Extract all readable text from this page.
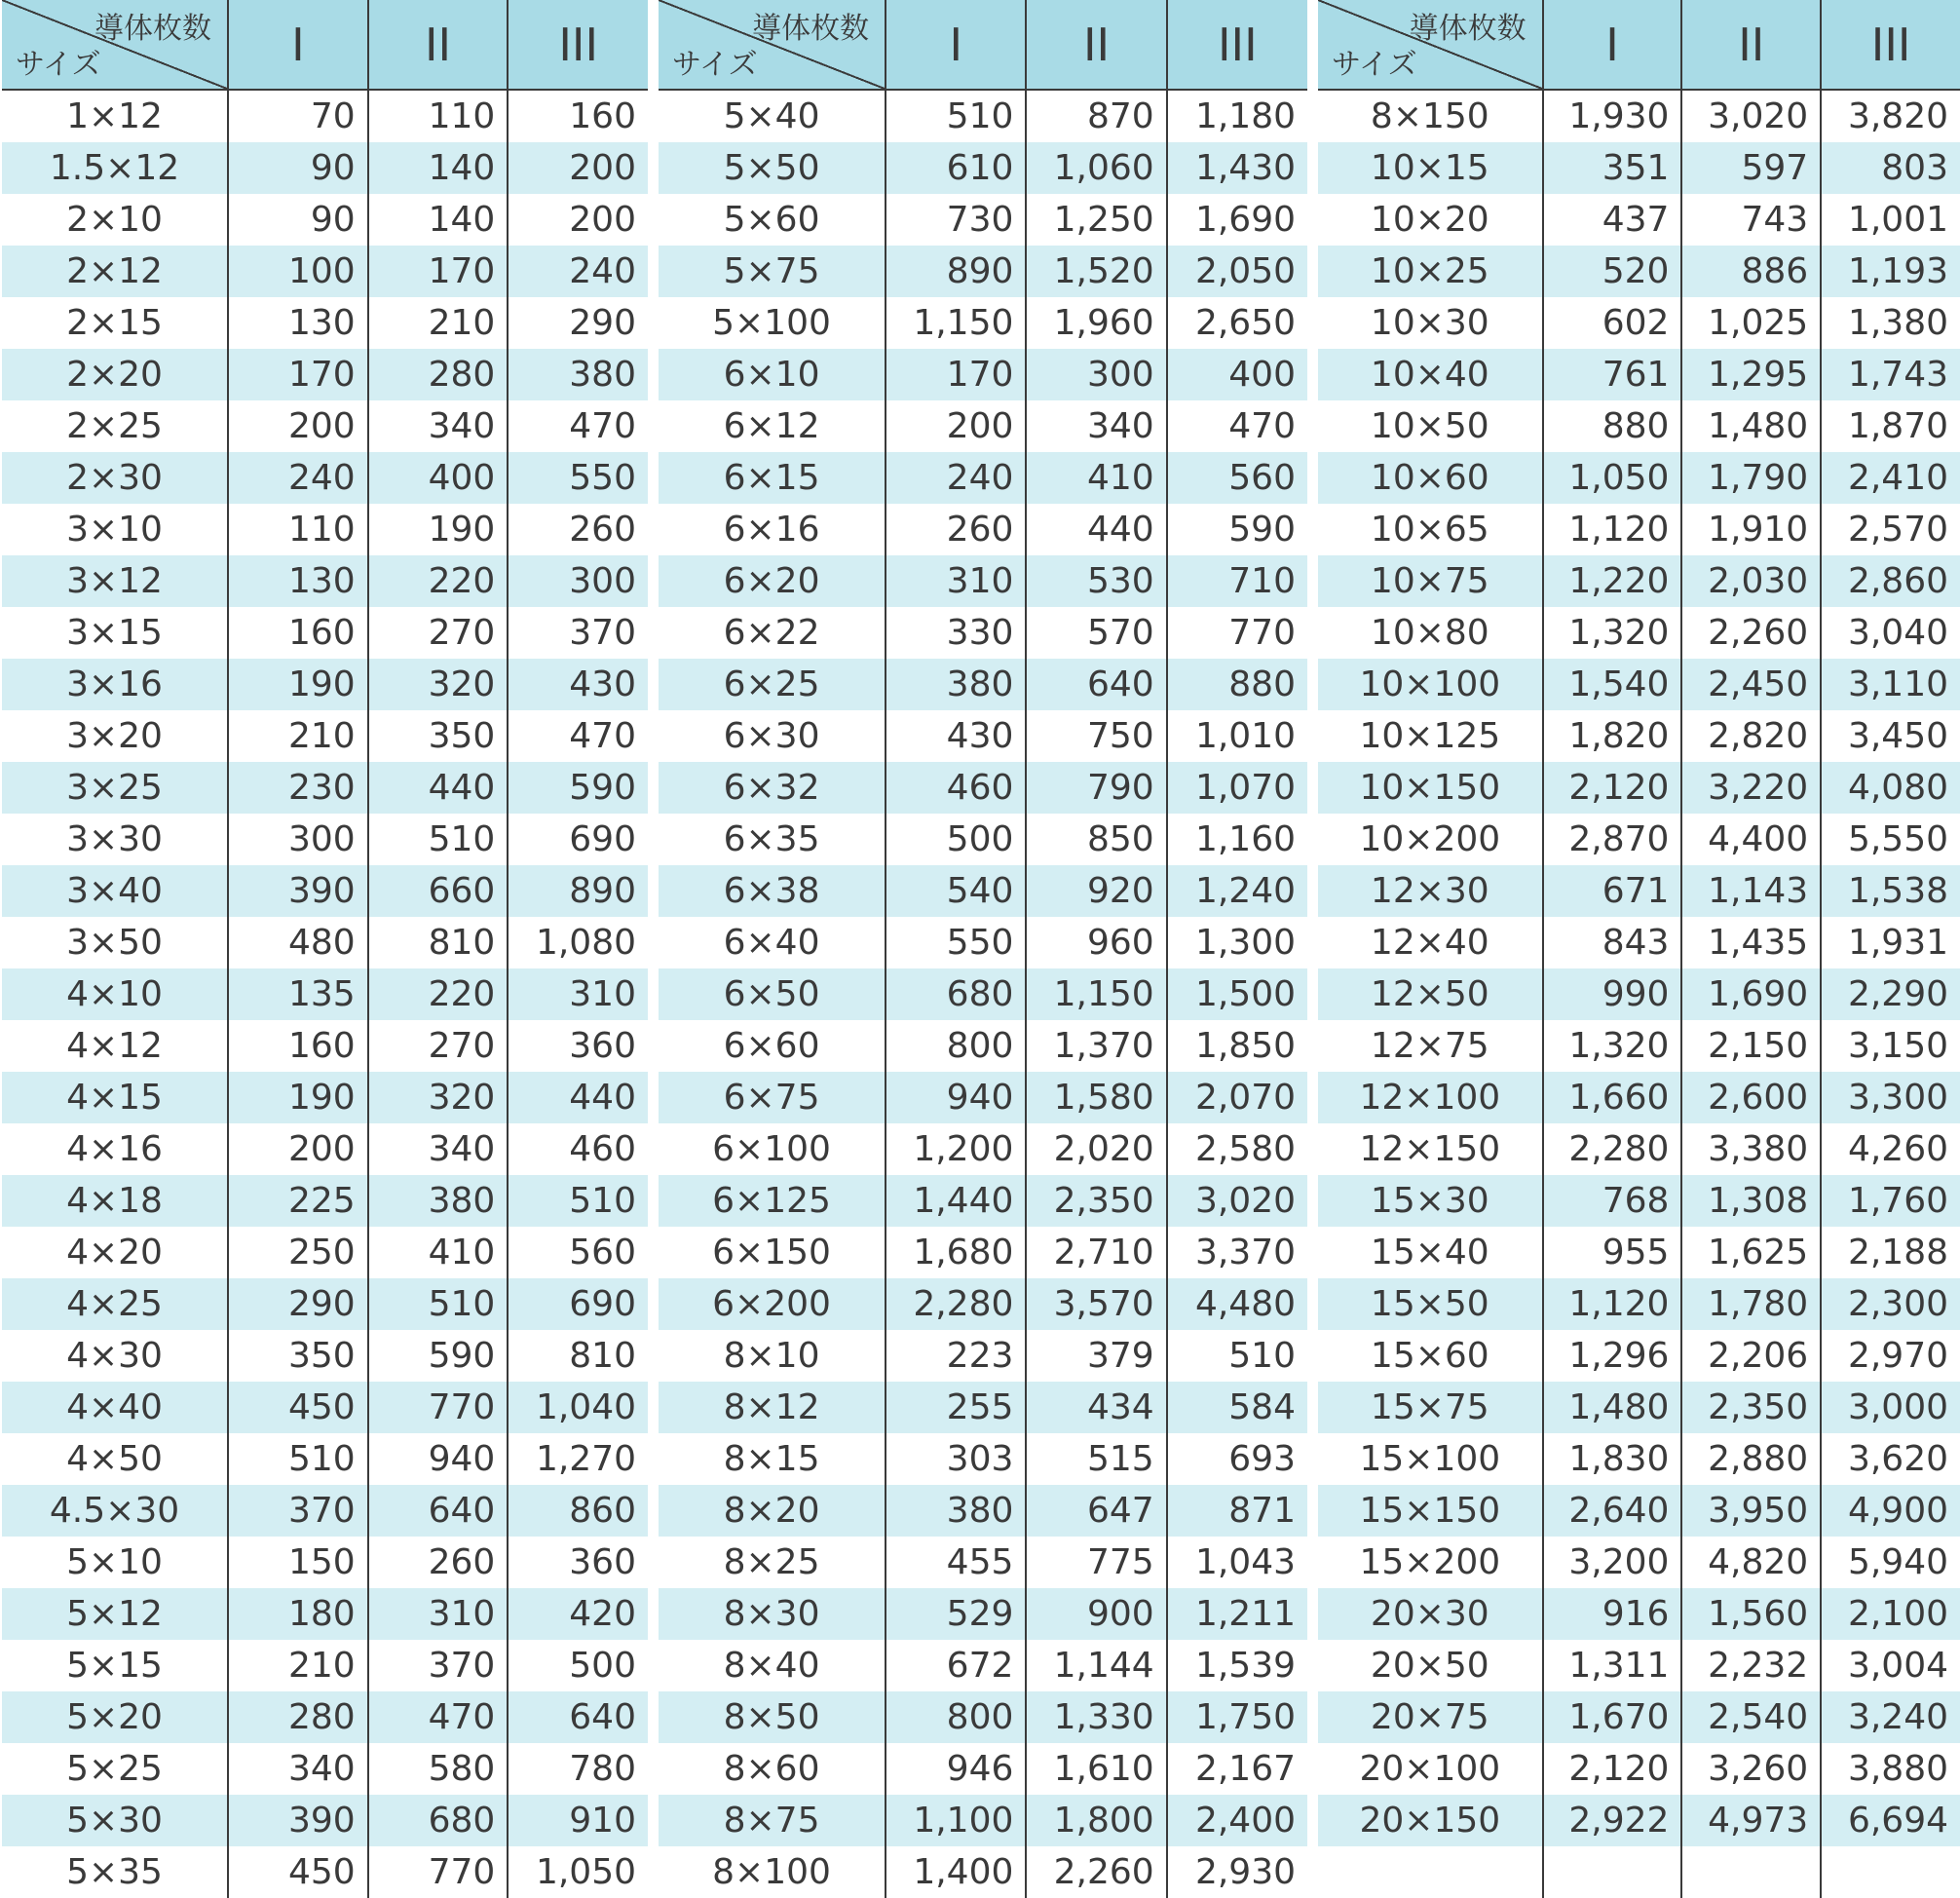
導体枚数
サイズ	I	II	III
1×12	70	110	160
1.5×12	90	140	200
2×10	90	140	200
2×12	100	170	240
2×15	130	210	290
2×20	170	280	380
2×25	200	340	470
2×30	240	400	550
3×10	110	190	260
3×12	130	220	300
3×15	160	270	370
3×16	190	320	430
3×20	210	350	470
3×25	230	440	590
3×30	300	510	690
3×40	390	660	890
3×50	480	810	1,080
4×10	135	220	310
4×12	160	270	360
4×15	190	320	440
4×16	200	340	460
4×18	225	380	510
4×20	250	410	560
4×25	290	510	690
4×30	350	590	810
4×40	450	770	1,040
4×50	510	940	1,270
4.5×30	370	640	860
5×10	150	260	360
5×12	180	310	420
5×15	210	370	500
5×20	280	470	640
5×25	340	580	780
5×30	390	680	910
5×35	450	770	1,050
導体枚数
サイズ	I	II	III
5×40	510	870	1,180
5×50	610	1,060	1,430
5×60	730	1,250	1,690
5×75	890	1,520	2,050
5×100	1,150	1,960	2,650
6×10	170	300	400
6×12	200	340	470
6×15	240	410	560
6×16	260	440	590
6×20	310	530	710
6×22	330	570	770
6×25	380	640	880
6×30	430	750	1,010
6×32	460	790	1,070
6×35	500	850	1,160
6×38	540	920	1,240
6×40	550	960	1,300
6×50	680	1,150	1,500
6×60	800	1,370	1,850
6×75	940	1,580	2,070
6×100	1,200	2,020	2,580
6×125	1,440	2,350	3,020
6×150	1,680	2,710	3,370
6×200	2,280	3,570	4,480
8×10	223	379	510
8×12	255	434	584
8×15	303	515	693
8×20	380	647	871
8×25	455	775	1,043
8×30	529	900	1,211
8×40	672	1,144	1,539
8×50	800	1,330	1,750
8×60	946	1,610	2,167
8×75	1,100	1,800	2,400
8×100	1,400	2,260	2,930
導体枚数
サイズ	I	II	III
8×150	1,930	3,020	3,820
10×15	351	597	803
10×20	437	743	1,001
10×25	520	886	1,193
10×30	602	1,025	1,380
10×40	761	1,295	1,743
10×50	880	1,480	1,870
10×60	1,050	1,790	2,410
10×65	1,120	1,910	2,570
10×75	1,220	2,030	2,860
10×80	1,320	2,260	3,040
10×100	1,540	2,450	3,110
10×125	1,820	2,820	3,450
10×150	2,120	3,220	4,080
10×200	2,870	4,400	5,550
12×30	671	1,143	1,538
12×40	843	1,435	1,931
12×50	990	1,690	2,290
12×75	1,320	2,150	3,150
12×100	1,660	2,600	3,300
12×150	2,280	3,380	4,260
15×30	768	1,308	1,760
15×40	955	1,625	2,188
15×50	1,120	1,780	2,300
15×60	1,296	2,206	2,970
15×75	1,480	2,350	3,000
15×100	1,830	2,880	3,620
15×150	2,640	3,950	4,900
15×200	3,200	4,820	5,940
20×30	916	1,560	2,100
20×50	1,311	2,232	3,004
20×75	1,670	2,540	3,240
20×100	2,120	3,260	3,880
20×150	2,922	4,973	6,694
